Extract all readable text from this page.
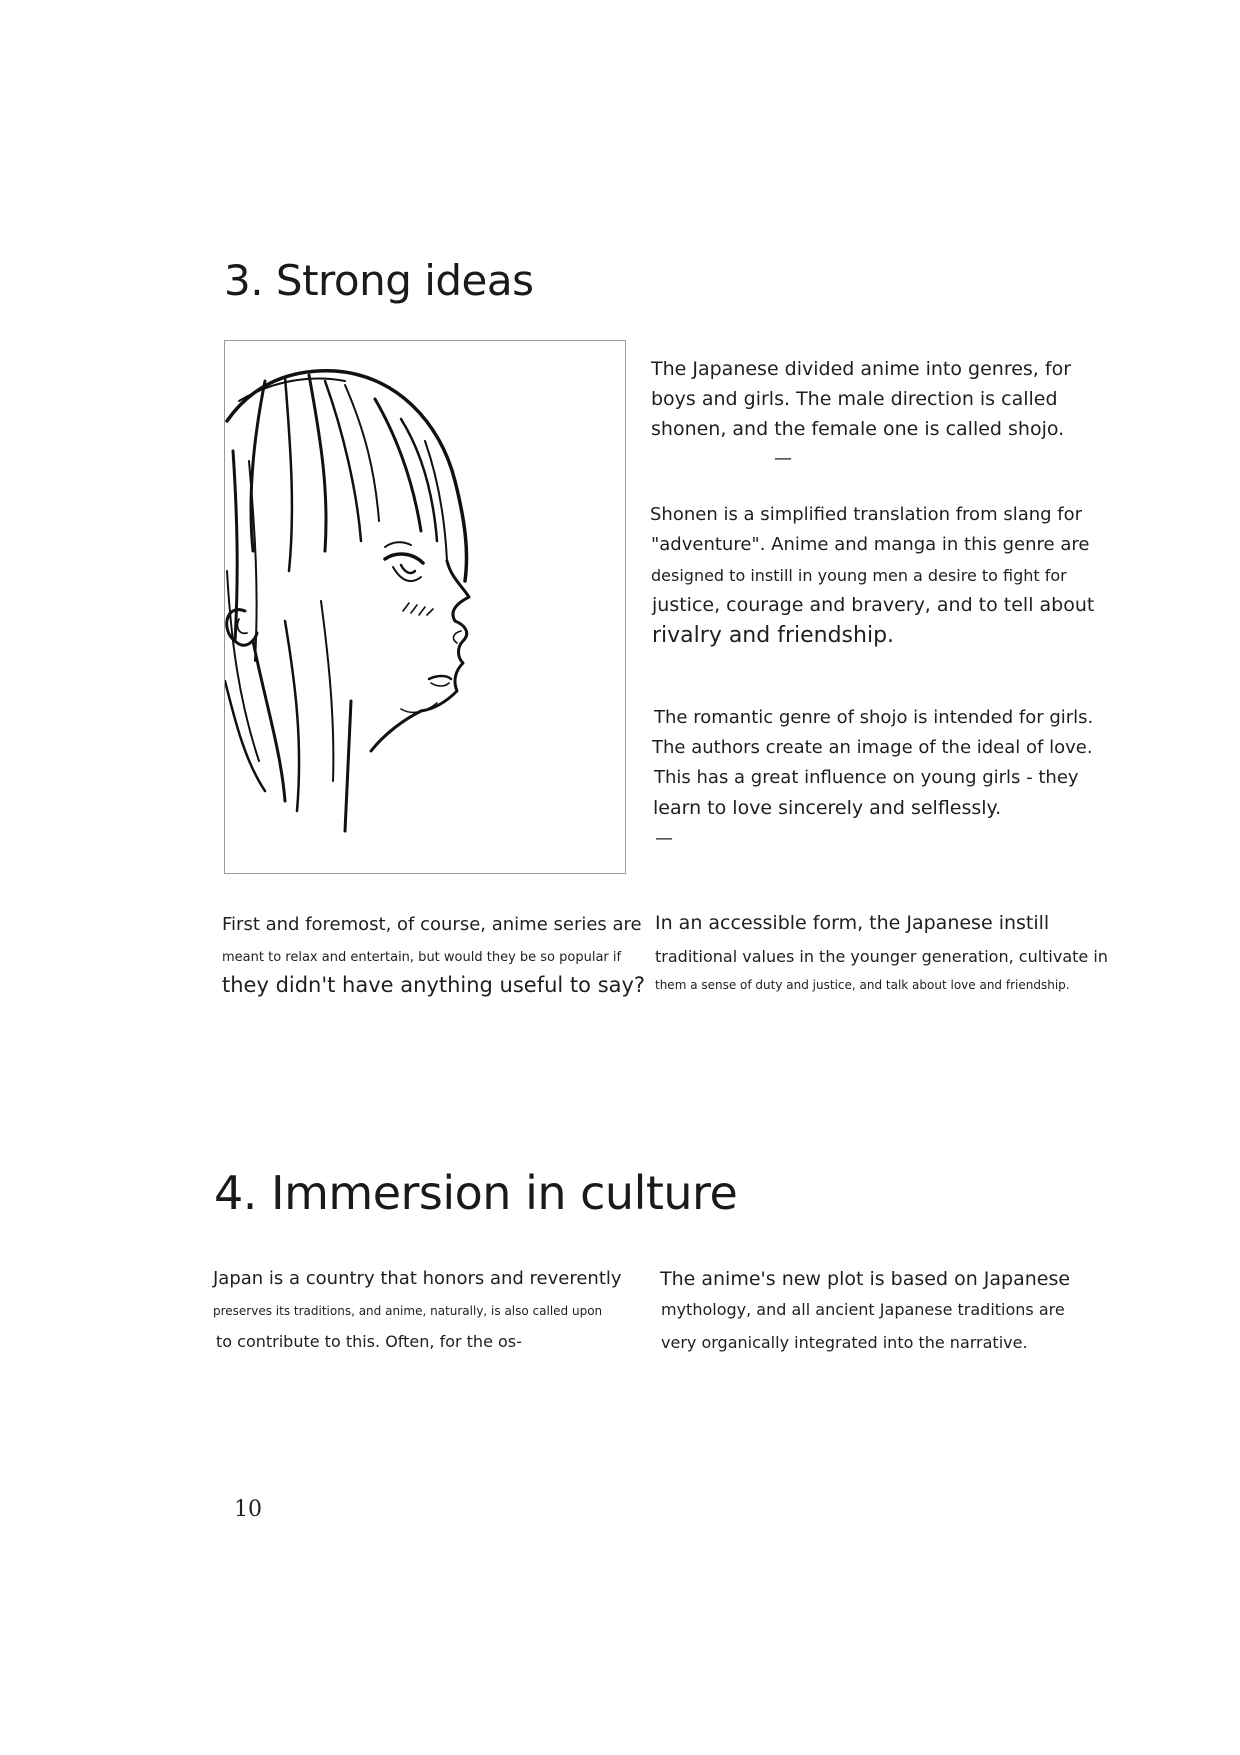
3. Strong ideas

The Japanese divided anime into genres, for

boys and girls. The male direction is called

shonen, and the female one is called shojo.

—

Shonen is a simplified translation from slang for

"adventure". Anime and manga in this genre are

designed to instill in young men a desire to fight for

justice, courage and bravery, and to tell about

rivalry and friendship.

The romantic genre of shojo is intended for girls.

The authors create an image of the ideal of love.

This has a great influence on young girls - they

learn to love sincerely and selflessly.

—

First and foremost, of course, anime series are

meant to relax and entertain, but would they be so popular if

they didn't have anything useful to say?

In an accessible form, the Japanese instill

traditional values in the younger generation, cultivate in

them a sense of duty and justice, and talk about love and friendship.

4. Immersion in culture

Japan is a country that honors and reverently

preserves its traditions, and anime, naturally, is also called upon

to contribute to this. Often, for the os-

The anime's new plot is based on Japanese

mythology, and all ancient Japanese traditions are

very organically integrated into the narrative.

10
